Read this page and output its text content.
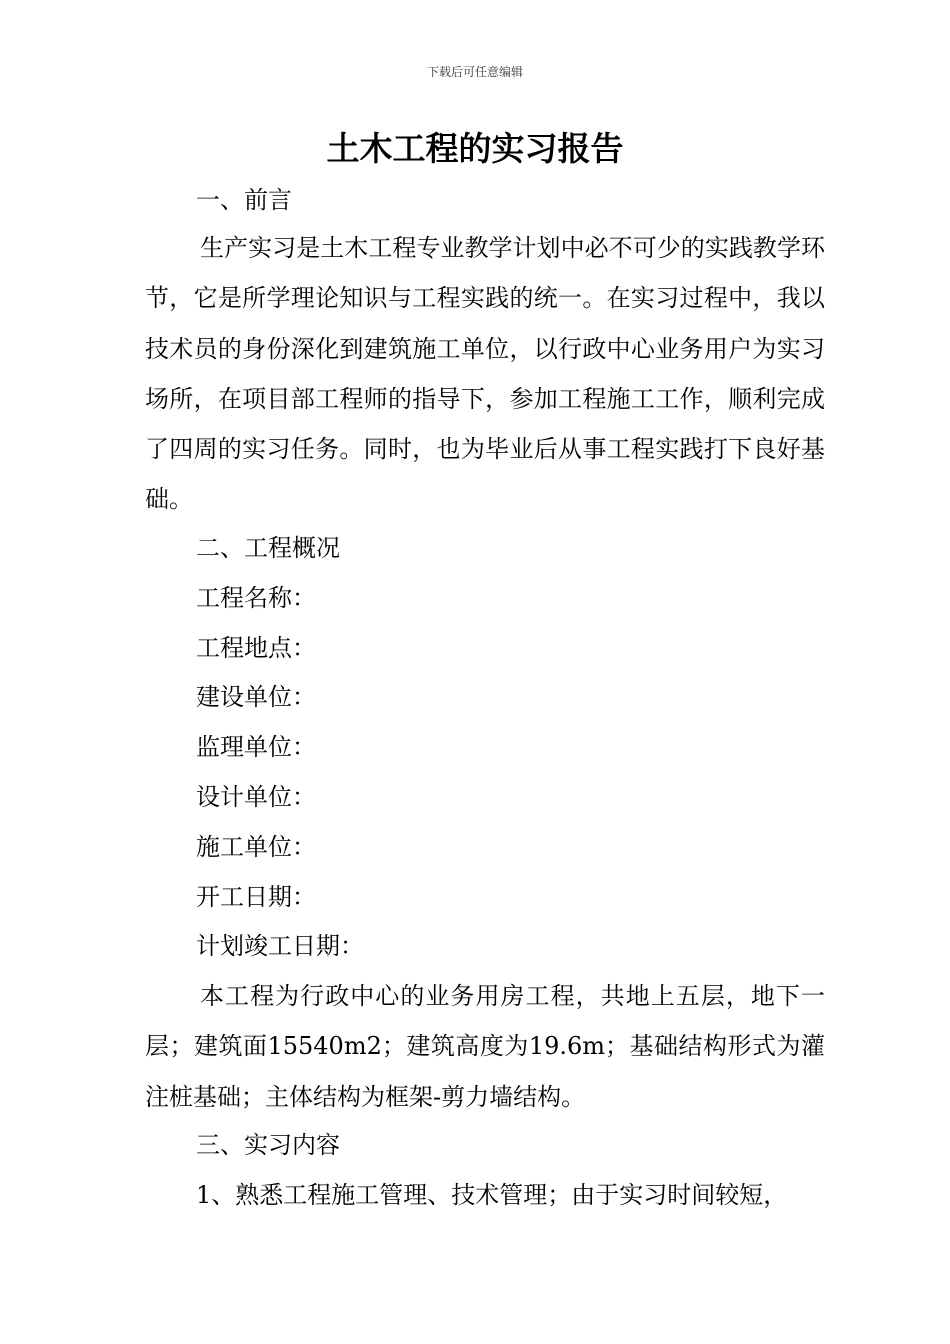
下载后可任意编辑
土木工程的实习报告
一、前言
生产实习是土木工程专业教学计划中必不可少的实践教学环节，它是所学理论知识与工程实践的统一。在实习过程中，我以技术员的身份深化到建筑施工单位，以行政中心业务用户为实习场所，在项目部工程师的指导下，参加工程施工工作，顺利完成了四周的实习任务。同时，也为毕业后从事工程实践打下良好基础。
二、工程概况
工程名称：
工程地点：
建设单位：
监理单位：
设计单位：
施工单位：
开工日期：
计划竣工日期：
本工程为行政中心的业务用房工程，共地上五层，地下一层；建筑面15540m2；建筑高度为19.6m；基础结构形式为灌注桩基础；主体结构为框架-剪力墙结构。
三、实习内容
1、熟悉工程施工管理、技术管理；由于实习时间较短，
